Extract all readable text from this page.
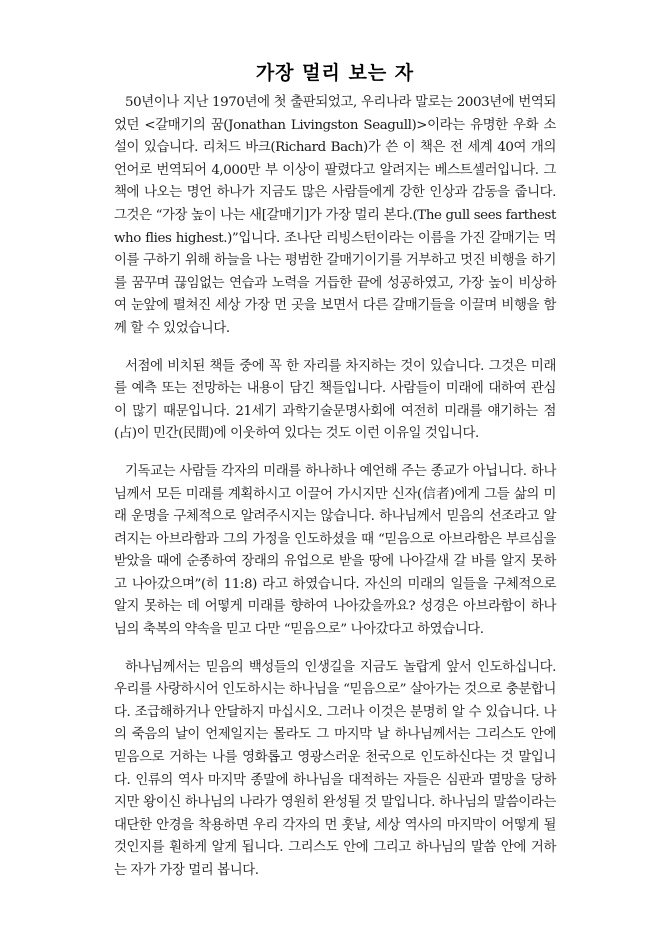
가장 멀리 보는 자

50년이나 지난 1970년에 첫 출판되었고, 우리나라 말로는 2003년에 번역되었던 <갈매기의 꿈(Jonathan Livingston Seagull)>이라는 유명한 우화 소설이 있습니다. 리처드 바크(Richard Bach)가 쓴 이 책은 전 세계 40여 개의 언어로 번역되어 4,000만 부 이상이 팔렸다고 알려지는 베스트셀러입니다. 그 책에 나오는 명언 하나가 지금도 많은 사람들에게 강한 인상과 감동을 줍니다. 그것은 “가장 높이 나는 새[갈매기]가 가장 멀리 본다.(The gull sees farthest who flies highest.)”입니다. 조나단 리빙스턴이라는 이름을 가진 갈매기는 먹이를 구하기 위해 하늘을 나는 평범한 갈매기이기를 거부하고 멋진 비행을 하기를 꿈꾸며 끊임없는 연습과 노력을 거듭한 끝에 성공하였고, 가장 높이 비상하여 눈앞에 펼쳐진 세상 가장 먼 곳을 보면서 다른 갈매기들을 이끌며 비행을 함께 할 수 있었습니다.

서점에 비치된 책들 중에 꼭 한 자리를 차지하는 것이 있습니다. 그것은 미래를 예측 또는 전망하는 내용이 담긴 책들입니다. 사람들이 미래에 대하여 관심이 많기 때문입니다. 21세기 과학기술문명사회에 여전히 미래를 얘기하는 점(占)이 민간(民間)에 이웃하여 있다는 것도 이런 이유일 것입니다.

기독교는 사람들 각자의 미래를 하나하나 예언해 주는 종교가 아닙니다. 하나님께서 모든 미래를 계획하시고 이끌어 가시지만 신자(信者)에게 그들 삶의 미래 운명을 구체적으로 알려주시지는 않습니다. 하나님께서 믿음의 선조라고 알려지는 아브라함과 그의 가정을 인도하셨을 때 “믿음으로 아브라함은 부르심을 받았을 때에 순종하여 장래의 유업으로 받을 땅에 나아갈새 갈 바를 알지 못하고 나아갔으며”(히 11:8) 라고 하였습니다. 자신의 미래의 일들을 구체적으로 알지 못하는 데 어떻게 미래를 향하여 나아갔을까요? 성경은 아브라함이 하나님의 축복의 약속을 믿고 다만 “믿음으로” 나아갔다고 하였습니다.

하나님께서는 믿음의 백성들의 인생길을 지금도 놀랍게 앞서 인도하십니다. 우리를 사랑하시어 인도하시는 하나님을 “믿음으로” 살아가는 것으로 충분합니다. 조급해하거나 안달하지 마십시오. 그러나 이것은 분명히 알 수 있습니다. 나의 죽음의 날이 언제일지는 몰라도 그 마지막 날 하나님께서는 그리스도 안에 믿음으로 거하는 나를 영화롭고 영광스러운 천국으로 인도하신다는 것 말입니다. 인류의 역사 마지막 종말에 하나님을 대적하는 자들은 심판과 멸망을 당하지만 왕이신 하나님의 나라가 영원히 완성될 것 말입니다. 하나님의 말씀이라는 대단한 안경을 착용하면 우리 각자의 먼 훗날, 세상 역사의 마지막이 어떻게 될 것인지를 훤하게 알게 됩니다. 그리스도 안에 그리고 하나님의 말씀 안에 거하는 자가 가장 멀리 봅니다.
